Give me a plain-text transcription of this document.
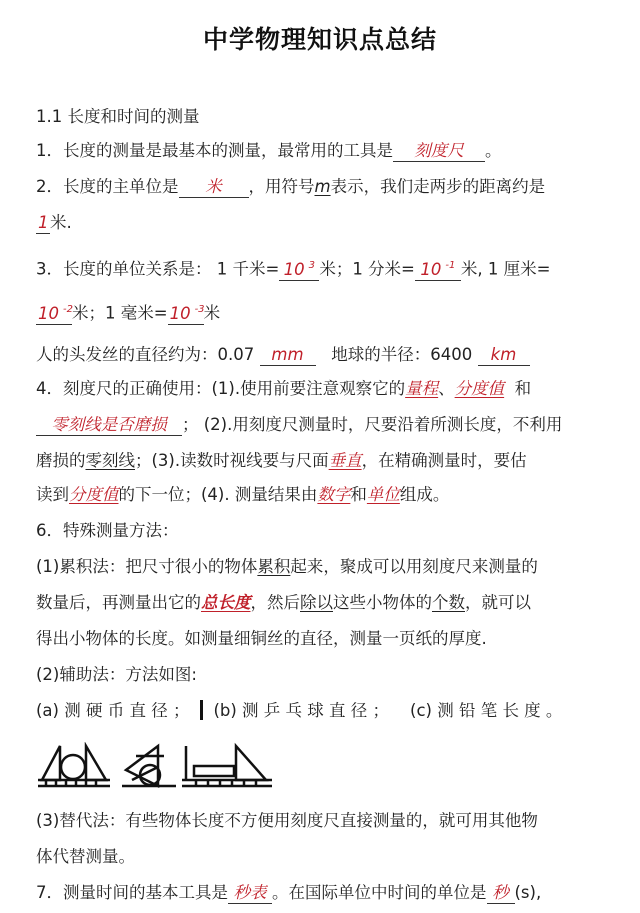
中学物理知识点总结
1.1 长度和时间的测量
1．长度的测量是最基本的测量，最常用的工具是 刻度尺 。
2．长度的主单位是 米 ，用符号m表示，我们走两步的距离约是
1米.
3．长度的单位关系是： 1 千米= 10 $^3$ 米；1 分米= 10 $^{-1}$ 米, 1 厘米=
10 $^{-2}$米；1 毫米= 10 $^{-3}$米
人的头发丝的直径约为：0.07 mm 地球的半径：6400 km
4．刻度尺的正确使用：(1).使用前要注意观察它的量程、分度值 和
零刻线是否磨损 ； (2).用刻度尺测量时，尺要沿着所测长度，不利用
磨损的零刻线；(3).读数时视线要与尺面垂直，在精确测量时，要估
读到分度值的下一位；(4). 测量结果由数字和单位组成。
6．特殊测量方法：
(1)累积法：把尺寸很小的物体累积起来，聚成可以用刻度尺来测量的
数量后，再测量出它的总长度，然后除以这些小物体的个数，就可以
得出小物体的长度。如测量细铜丝的直径，测量一页纸的厚度.
(2)辅助法：方法如图:
(a) 测 硬 币 直 径 ； (b) 测 乒 乓 球 直 径 ； (c) 测 铅 笔 长 度 。
(3)替代法：有些物体长度不方便用刻度尺直接测量的，就可用其他物
体代替测量。
7．测量时间的基本工具是 秒表 。在国际单位中时间的单位是 秒 (s),
